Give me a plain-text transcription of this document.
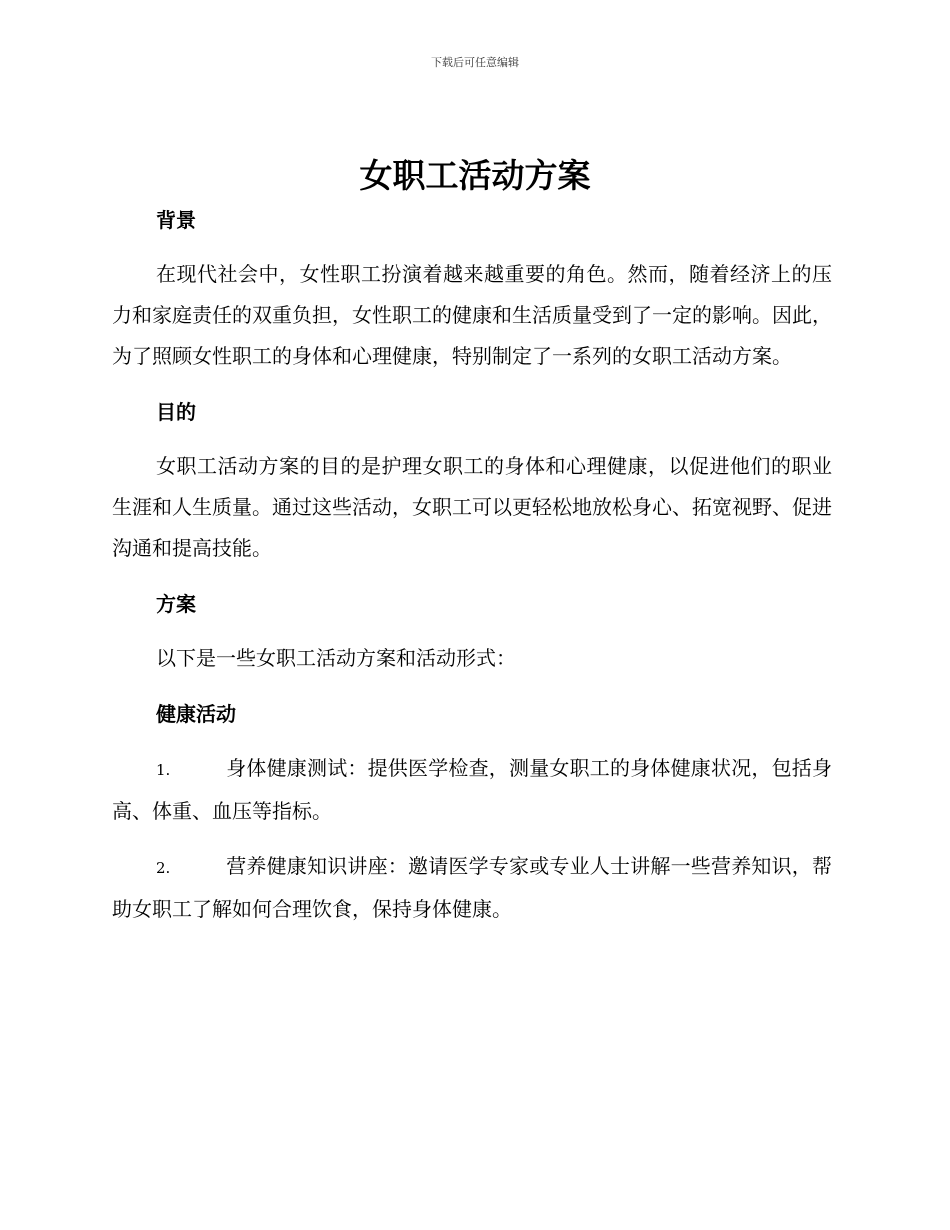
下载后可任意编辑
女职工活动方案

背景

在现代社会中，女性职工扮演着越来越重要的角色。然而，随着经济上的压力和家庭责任的双重负担，女性职工的健康和生活质量受到了一定的影响。因此，为了照顾女性职工的身体和心理健康，特别制定了一系列的女职工活动方案。

目的

女职工活动方案的目的是护理女职工的身体和心理健康，以促进他们的职业生涯和人生质量。通过这些活动，女职工可以更轻松地放松身心、拓宽视野、促进沟通和提高技能。

方案

以下是一些女职工活动方案和活动形式：

健康活动

1.	身体健康测试：提供医学检查，测量女职工的身体健康状况，包括身高、体重、血压等指标。

2.	营养健康知识讲座：邀请医学专家或专业人士讲解一些营养知识，帮助女职工了解如何合理饮食，保持身体健康。
